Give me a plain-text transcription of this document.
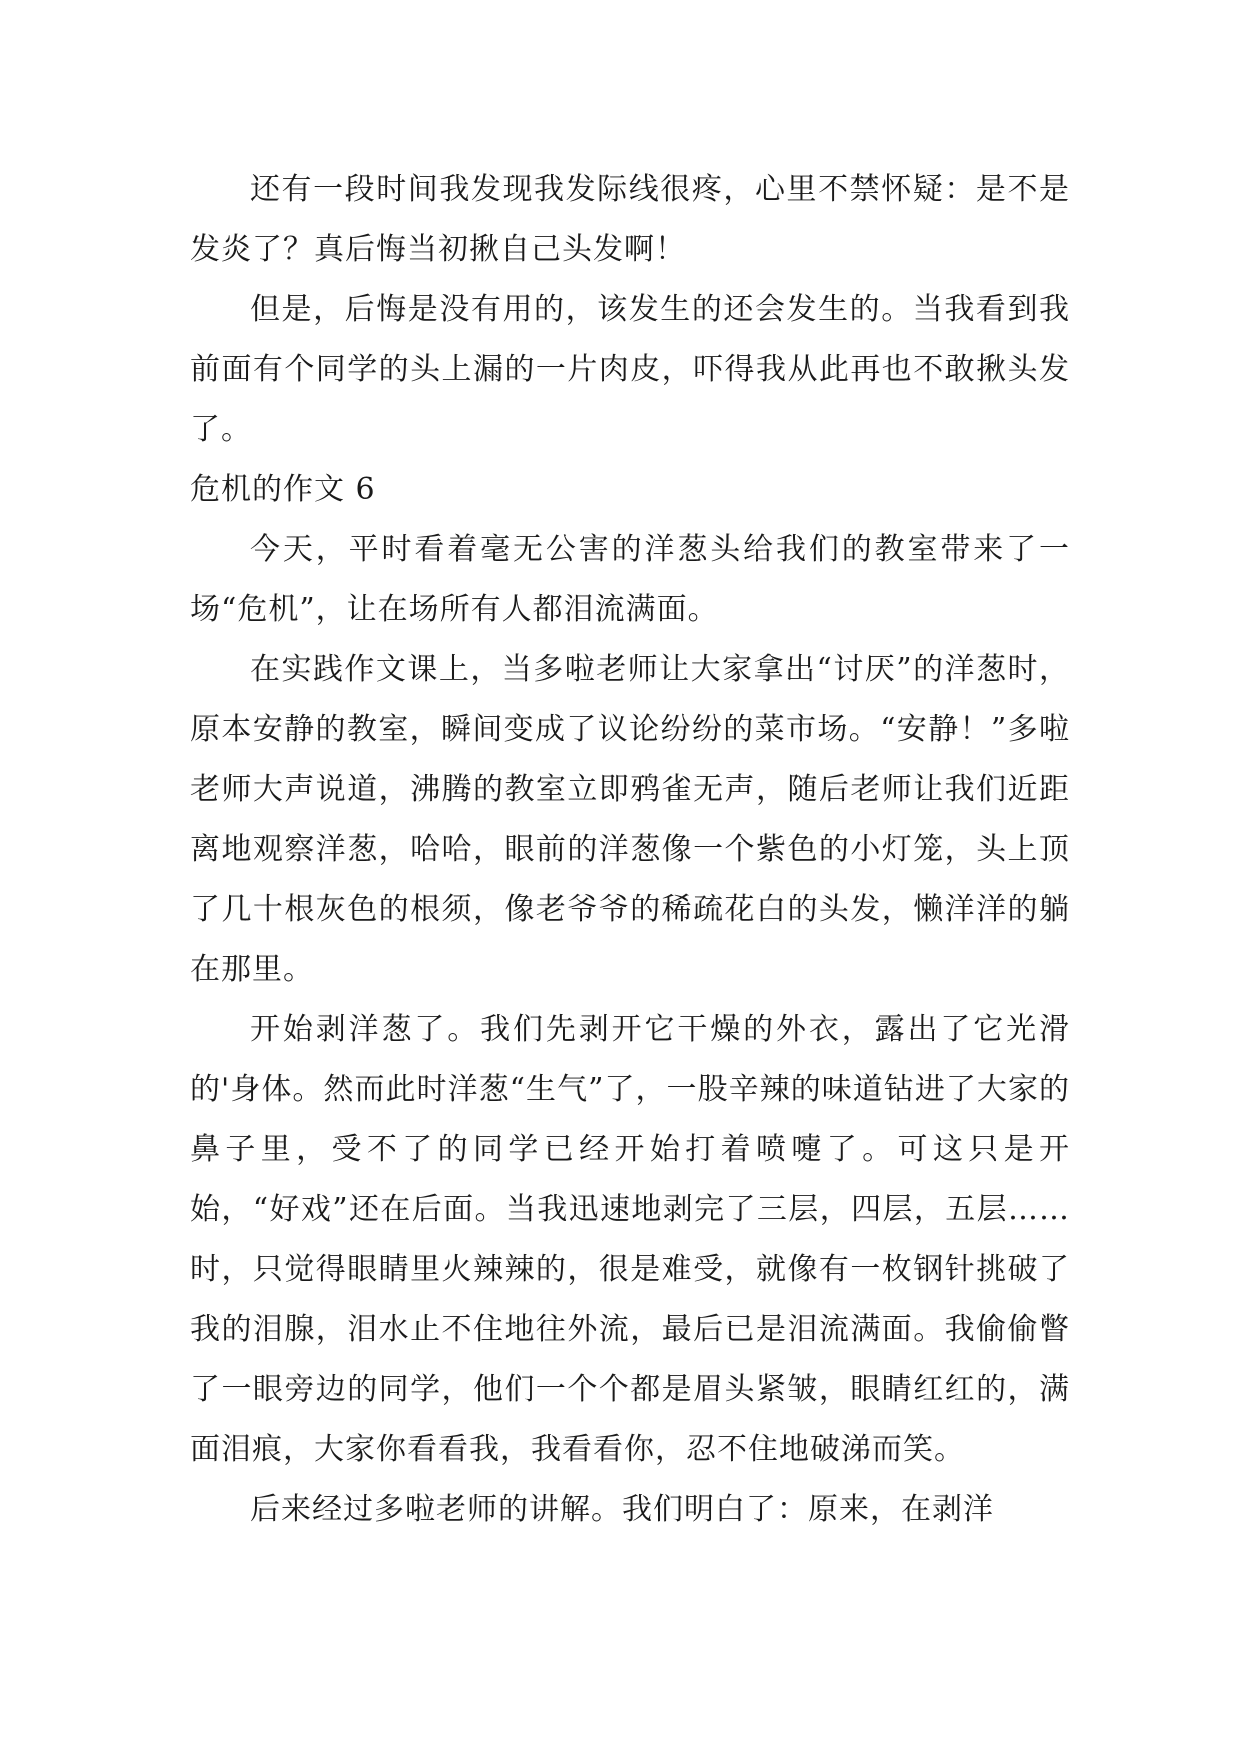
还有一段时间我发现我发际线很疼，心里不禁怀疑：是不是发炎了？真后悔当初揪自己头发啊！

但是，后悔是没有用的，该发生的还会发生的。当我看到我前面有个同学的头上漏的一片肉皮，吓得我从此再也不敢揪头发了。

危机的作文 6

今天，平时看着毫无公害的洋葱头给我们的教室带来了一场“危机”，让在场所有人都泪流满面。

在实践作文课上，当多啦老师让大家拿出“讨厌”的洋葱时，原本安静的教室，瞬间变成了议论纷纷的菜市场。“安静！”多啦老师大声说道，沸腾的教室立即鸦雀无声，随后老师让我们近距离地观察洋葱，哈哈，眼前的洋葱像一个紫色的小灯笼，头上顶了几十根灰色的根须，像老爷爷的稀疏花白的头发，懒洋洋的躺在那里。

开始剥洋葱了。我们先剥开它干燥的外衣，露出了它光滑的'身体。然而此时洋葱“生气”了，一股辛辣的味道钻进了大家的鼻子里，受不了的同学已经开始打着喷嚏了。可这只是开始，“好戏”还在后面。当我迅速地剥完了三层，四层，五层……时，只觉得眼睛里火辣辣的，很是难受，就像有一枚钢针挑破了我的泪腺，泪水止不住地往外流，最后已是泪流满面。我偷偷瞥了一眼旁边的同学，他们一个个都是眉头紧皱，眼睛红红的，满面泪痕，大家你看看我，我看看你，忍不住地破涕而笑。

后来经过多啦老师的讲解。我们明白了：原来，在剥洋
